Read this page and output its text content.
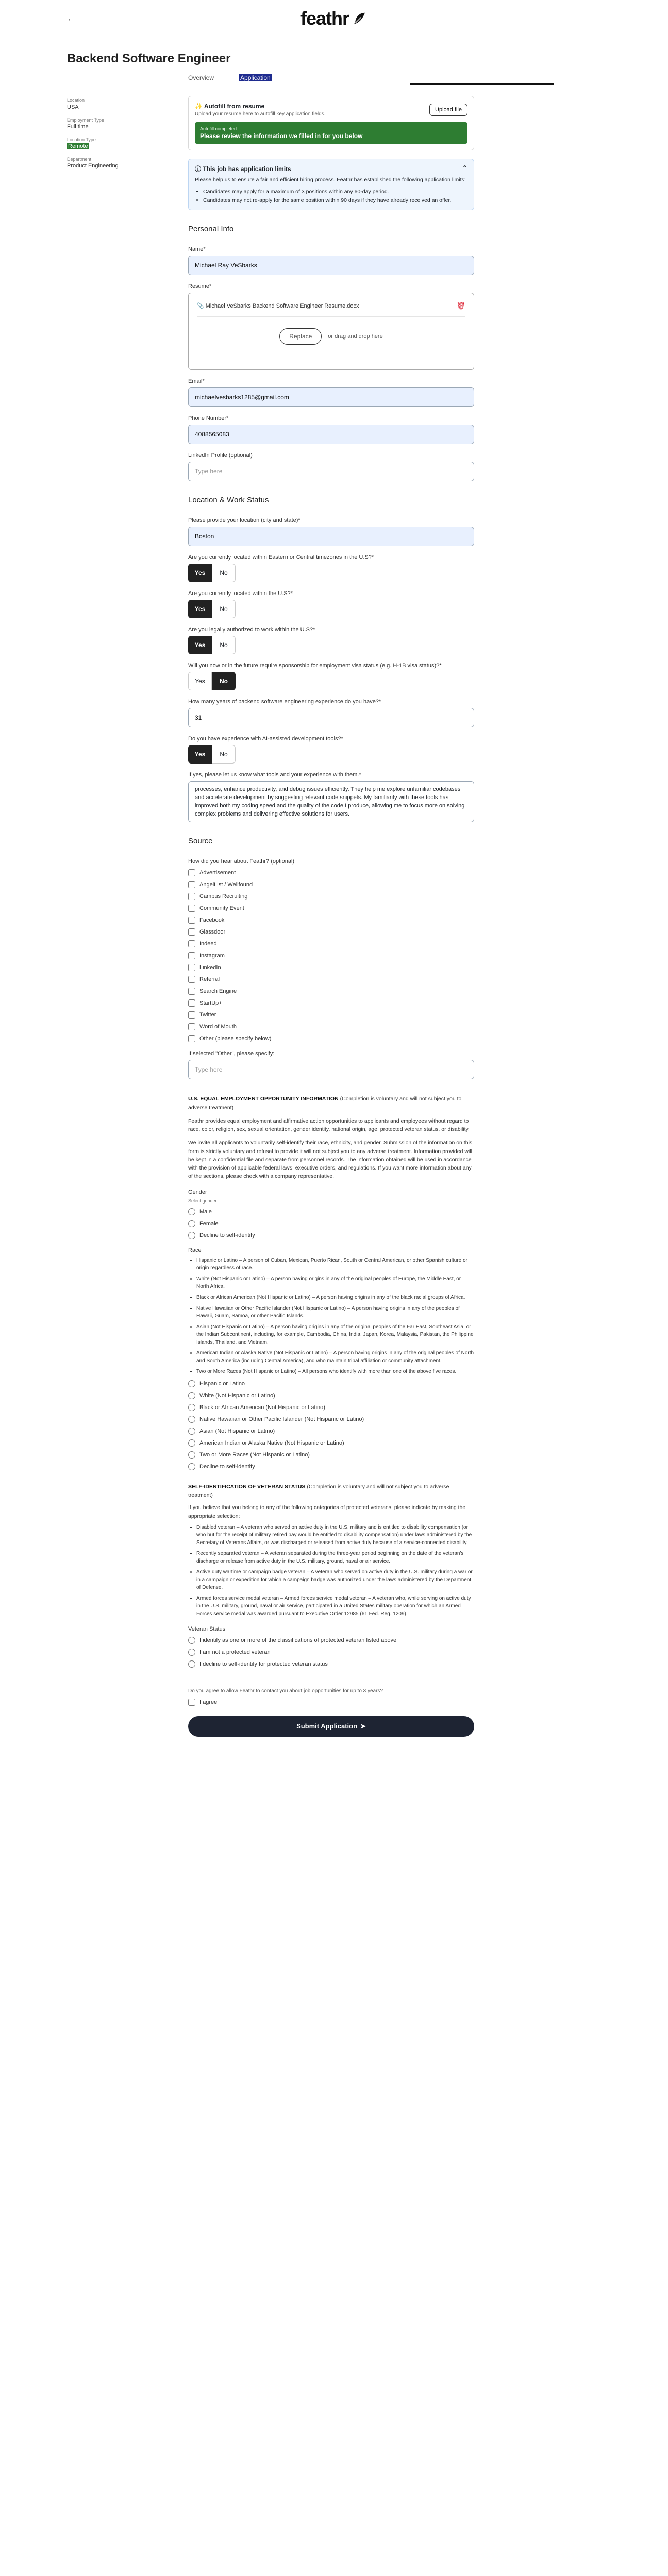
←	feathr
Backend Software Engineer
Overview	Application
Location
USA
Employment Type
Full time
Location Type
Remote
Department
Product Engineering
✨ Autofill from resume
Upload your resume here to autofill key application fields.
Upload file
Autofill completed
Please review the information we filled in for you below
ⓘ This job has application limits	⌃

Please help us to ensure a fair and efficient hiring process. Feathr has established the following application limits:

• Candidates may apply for a maximum of 3 positions within any 60-day period.
• Candidates may not re-apply for the same position within 90 days if they have already received an offer.
Personal Info
Name*
Michael Ray VeSbarks
Resume*
📎 Michael VeSbarks Backend Software Engineer Resume.docx	🗑
Replace	or drag and drop here
Email*
michaelvesbarks1285@gmail.com
Phone Number*
4088565083
LinkedIn Profile (optional)
Type here
Location & Work Status
Please provide your location (city and state)*
Boston
Are you currently located within Eastern or Central timezones in the U.S?*
Yes	No
Are you currently located within the U.S?*
Yes	No
Are you legally authorized to work within the U.S?*
Yes	No
Will you now or in the future require sponsorship for employment visa status (e.g. H-1B visa status)?*
Yes	No
How many years of backend software engineering experience do you have?*
31
Do you have experience with AI-assisted development tools?*
Yes	No
If yes, please let us know what tools and your experience with them.*
processes, enhance productivity, and debug issues efficiently. They help me explore unfamiliar codebases and accelerate development by suggesting relevant code snippets. My familiarity with these tools has improved both my coding speed and the quality of the code I produce, allowing me to focus more on solving complex problems and delivering effective solutions for users.
Source
How did you hear about Feathr? (optional)
Advertisement
AngelList / Wellfound
Campus Recruiting
Community Event
Facebook
Glassdoor
Indeed
Instagram
LinkedIn
Referral
Search Engine
StartUp+
Twitter
Word of Mouth
Other (please specify below)
If selected "Other", please specify:
Type here
U.S. EQUAL EMPLOYMENT OPPORTUNITY INFORMATION (Completion is voluntary and will not subject you to adverse treatment)

Feathr provides equal employment and affirmative action opportunities to applicants and employees without regard to race, color, religion, sex, sexual orientation, gender identity, national origin, age, protected veteran status, or disability.

We invite all applicants to voluntarily self-identify their race, ethnicity, and gender. Submission of the information on this form is strictly voluntary and refusal to provide it will not subject you to any adverse treatment. Information provided will be kept in a confidential file and separate from personnel records. The information obtained will be used in accordance with the provision of applicable federal laws, executive orders, and regulations. If you want more information about any of the sections, please check with a company representative.

Gender
Select gender
Male
Female
Decline to self-identify
Race
• Hispanic or Latino – A person of Cuban, Mexican, Puerto Rican, South or Central American, or other Spanish culture or origin regardless of race.
• White (Not Hispanic or Latino) – A person having origins in any of the original peoples of Europe, the Middle East, or North Africa.
• Black or African American (Not Hispanic or Latino) – A person having origins in any of the black racial groups of Africa.
• Native Hawaiian or Other Pacific Islander (Not Hispanic or Latino) – A person having origins in any of the peoples of Hawaii, Guam, Samoa, or other Pacific Islands.
• Asian (Not Hispanic or Latino) – A person having origins in any of the original peoples of the Far East, Southeast Asia, or the Indian Subcontinent, including, for example, Cambodia, China, India, Japan, Korea, Malaysia, Pakistan, the Philippine Islands, Thailand, and Vietnam.
• American Indian or Alaska Native (Not Hispanic or Latino) – A person having origins in any of the original peoples of North and South America (including Central America), and who maintain tribal affiliation or community attachment.
• Two or More Races (Not Hispanic or Latino) – All persons who identify with more than one of the above five races.
Hispanic or Latino
White (Not Hispanic or Latino)
Black or African American (Not Hispanic or Latino)
Native Hawaiian or Other Pacific Islander (Not Hispanic or Latino)
Asian (Not Hispanic or Latino)
American Indian or Alaska Native (Not Hispanic or Latino)
Two or More Races (Not Hispanic or Latino)
Decline to self-identify
SELF-IDENTIFICATION OF VETERAN STATUS (Completion is voluntary and will not subject you to adverse treatment)

If you believe that you belong to any of the following categories of protected veterans, please indicate by making the appropriate selection:

• Disabled veteran – A veteran who served on active duty in the U.S. military and is entitled to disability compensation (or who but for the receipt of military retired pay would be entitled to disability compensation) under laws administered by the Secretary of Veterans Affairs, or was discharged or released from active duty because of a service-connected disability.
• Recently separated veteran – A veteran separated during the three-year period beginning on the date of the veteran's discharge or release from active duty in the U.S. military, ground, naval or air service.
• Active duty wartime or campaign badge veteran – A veteran who served on active duty in the U.S. military during a war or in a campaign or expedition for which a campaign badge was authorized under the laws administered by the Department of Defense.
• Armed forces service medal veteran – Armed forces service medal veteran – A veteran who, while serving on active duty in the U.S. military, ground, naval or air service, participated in a United States military operation for which an Armed Forces service medal was awarded pursuant to Executive Order 12985 (61 Fed. Reg. 1209).
Veteran Status
I identify as one or more of the classifications of protected veteran listed above
I am not a protected veteran
I decline to self-identify for protected veteran status
Do you agree to allow Feathr to contact you about job opportunities for up to 3 years?
I agree
Submit Application ➤
